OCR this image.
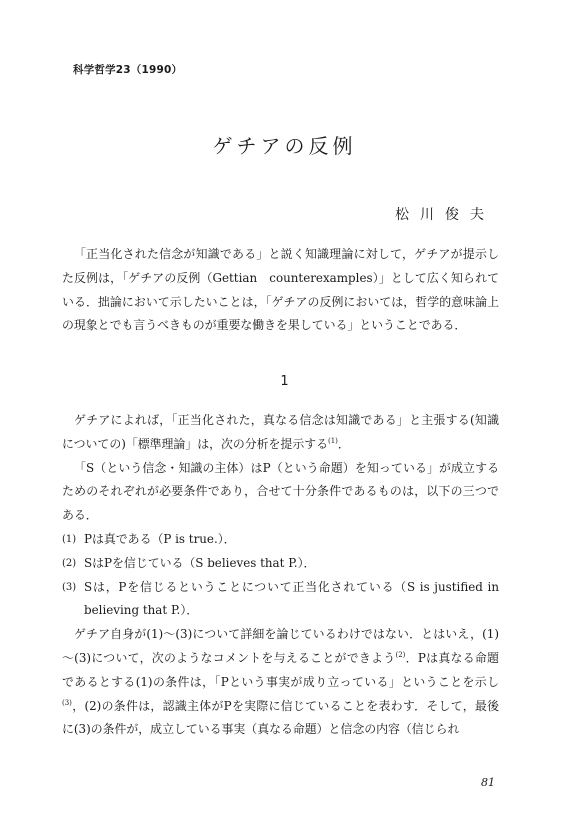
科学哲学23（1990）
ゲチアの反例
松川俊夫

「正当化された信念が知識である」と説く知識理論に対して，ゲチアが提示した反例は，「ゲチアの反例（Gettian　counterexamples）」として広く知られている．拙論において示したいことは，「ゲチアの反例においては，哲学的意味論上の現象とでも言うべきものが重要な働きを果している」ということである．

1

ゲチアによれば，「正当化された，真なる信念は知識である」と主張する(知識についての)「標準理論」は，次の分析を提示する$^{(1)}$．

「S（という信念・知識の主体）はP（という命題）を知っている」が成立するためのそれぞれが必要条件であり，合せて十分条件であるものは，以下の三つである．

(1) Pは真である（P is true.）．
(2) SはPを信じている（S believes that P.）．
(3) Sは，Pを信じるということについて正当化されている（S is justified in believing that P.）．

ゲチア自身が(1)～(3)について詳細を論じているわけではない．とはいえ，(1)～(3)について，次のようなコメントを与えることができよう$^{(2)}$．Pは真なる命題であるとする(1)の条件は，「Pという事実が成り立っている」ということを示し$^{(3)}$，(2)の条件は，認識主体がPを実際に信じていることを表わす．そして，最後に(3)の条件が，成立している事実（真なる命題）と信念の内容（信じられ

81
